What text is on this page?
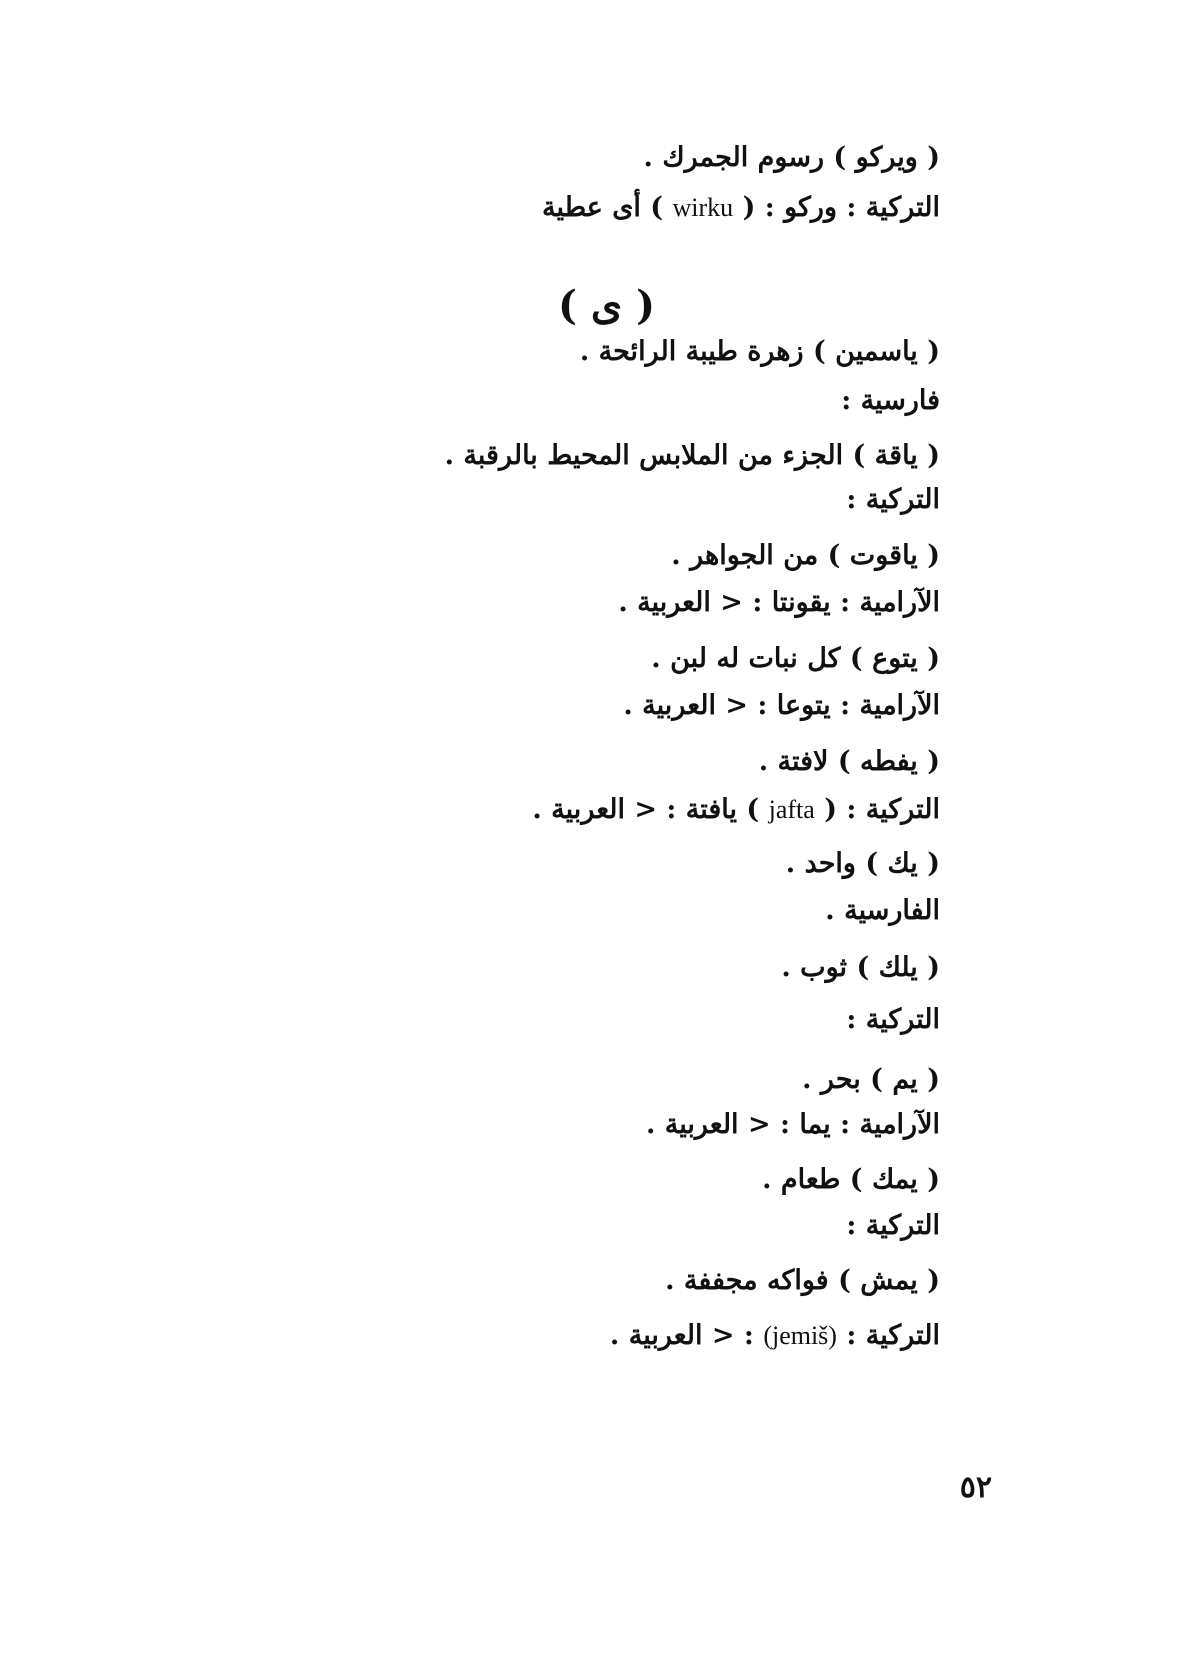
( ويركو ) رسوم الجمرك .
التركية : وركو : ( wirku ) أى عطية
( ى )
( ياسمين ) زهرة طيبة الرائحة .
فارسية :
( ياقة ) الجزء من الملابس المحيط بالرقبة .
التركية :
( ياقوت ) من الجواهر .
الآرامية : يقونتا : < العربية .
( يتوع ) كل نبات له لبن .
الآرامية : يتوعا : < العربية .
( يفطه ) لافتة .
التركية : ( jafta ) يافتة : < العربية .
( يك ) واحد .
الفارسية .
( يلك ) ثوب .
التركية :
( يم ) بحر .
الآرامية : يما : < العربية .
( يمك ) طعام .
التركية :
( يمش ) فواكه مجففة .
التركية : (jemiš) : < العربية .
٥٢
